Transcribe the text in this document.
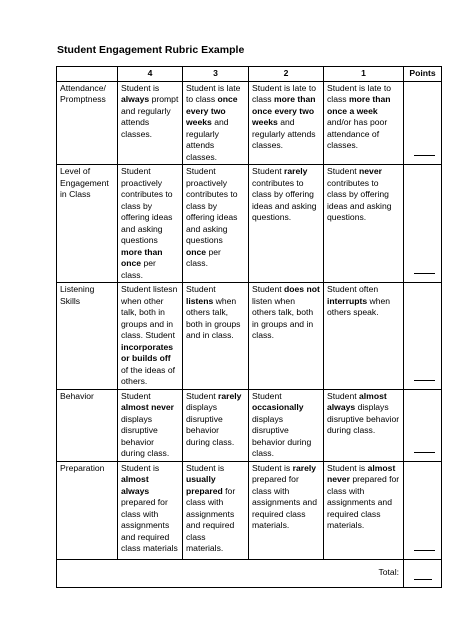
Student Engagement Rubric Example
	4	3	2	1	Points
Attendance/ Promptness	Student is always prompt and regularly attends classes.	Student is late to class once every two weeks and regularly attends classes.	Student is late to class more than once every two weeks and regularly attends classes.	Student is late to class more than once a week and/or has poor attendance of classes.	

Level of Engagement in Class	Student proactively contributes to class by offering ideas and asking questions more than once per class.	Student proactively contributes to class by offering ideas and asking questions once per class.	Student rarely contributes to class by offering ideas and asking questions.	Student never contributes to class by offering ideas and asking questions.	

Listening Skills	Student listesn when other talk, both in groups and in class. Student incorporates or builds off of the ideas of others.	Student listens when others talk, both in groups and in class.	Student does not listen when others talk, both in groups and in class.	Student often interrupts when others speak.	

Behavior	Student almost never displays disruptive behavior during class.	Student rarely displays disruptive behavior during class.	Student occasionally displays disruptive behavior during class.	Student almost always displays disruptive behavior during class.	

Preparation	Student is almost always prepared for class with assignments and required class materials	Student is usually prepared for class with assignments and required class materials.	Student is rarely prepared for class with assignments and required class materials.	Student is almost never prepared for class with assignments and required class materials.	

Total:					
